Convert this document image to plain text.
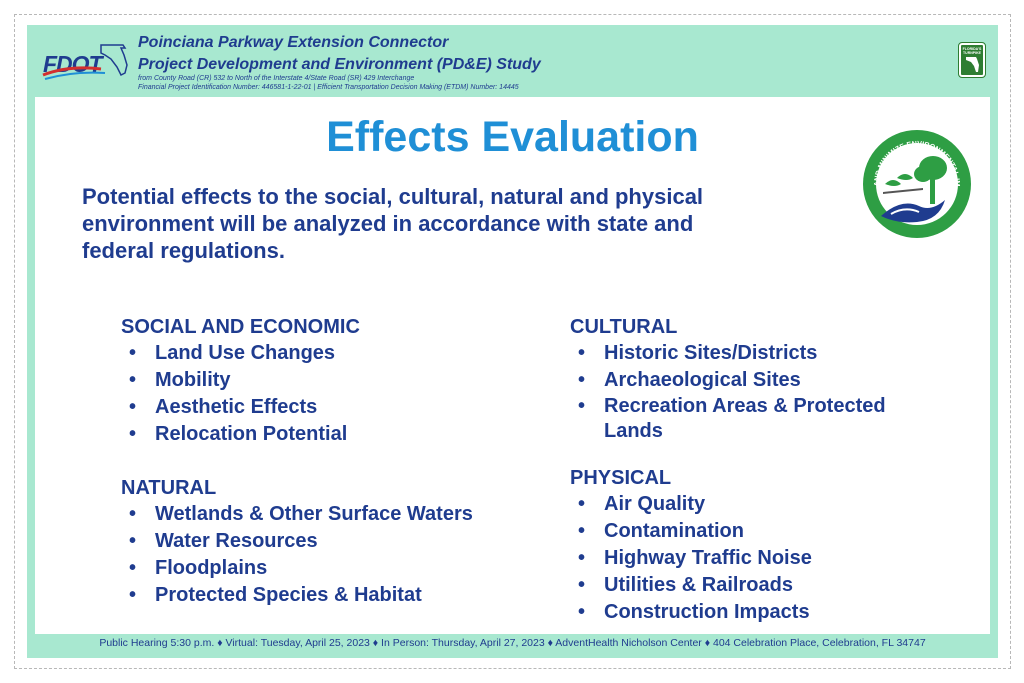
FDOT
Poinciana Parkway Extension Connector
Project Development and Environment (PD&E) Study
from County Road (CR) 532 to North of the Interstate 4/State Road (SR) 429 Interchange
Financial Project Identification Number: 446581-1-22-01 | Efficient Transportation Decision Making (ETDM) Number: 14445
FLORIDA'S TURNPIKE
Effects Evaluation
AND MINIMIZE ENVIRONMENTAL IM
Potential effects to the social, cultural, natural and physical
environment will be analyzed in accordance with state and
federal regulations.
SOCIAL AND ECONOMIC
• Land Use Changes
• Mobility
• Aesthetic Effects
• Relocation Potential
NATURAL
• Wetlands & Other Surface Waters
• Water Resources
• Floodplains
• Protected Species & Habitat
CULTURAL
• Historic Sites/Districts
• Archaeological Sites
• Recreation Areas & Protected
Lands
PHYSICAL
• Air Quality
• Contamination
• Highway Traffic Noise
• Utilities & Railroads
• Construction Impacts
Public Hearing 5:30 p.m. ♦ Virtual: Tuesday, April 25, 2023 ♦ In Person: Thursday, April 27, 2023 ♦ AdventHealth Nicholson Center ♦ 404 Celebration Place, Celebration, FL 34747
